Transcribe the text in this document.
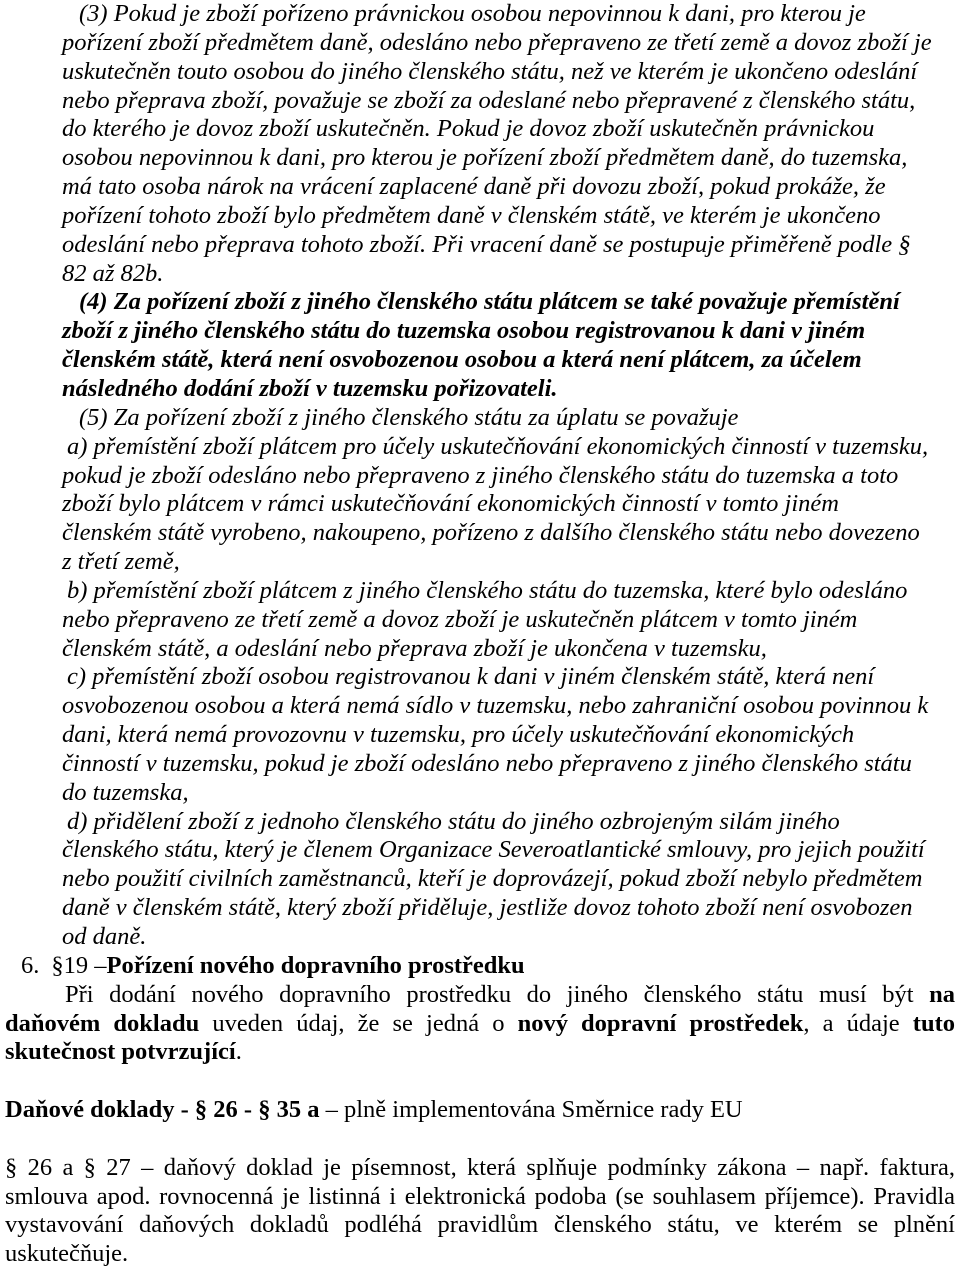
(3) Pokud je zboží pořízeno právnickou osobou nepovinnou k dani, pro kterou je
pořízení zboží předmětem daně, odesláno nebo přepraveno ze třetí země a dovoz zboží je
uskutečněn touto osobou do jiného členského státu, než ve kterém je ukončeno odeslání
nebo přeprava zboží, považuje se zboží za odeslané nebo přepravené z členského státu,
do kterého je dovoz zboží uskutečněn. Pokud je dovoz zboží uskutečněn právnickou
osobou nepovinnou k dani, pro kterou je pořízení zboží předmětem daně, do tuzemska,
má tato osoba nárok na vrácení zaplacené daně při dovozu zboží, pokud prokáže, že
pořízení tohoto zboží bylo předmětem daně v členském státě, ve kterém je ukončeno
odeslání nebo přeprava tohoto zboží. Při vracení daně se postupuje přiměřeně podle §
82 až 82b.
(4) Za pořízení zboží z jiného členského státu plátcem se také považuje přemístění
zboží z jiného členského státu do tuzemska osobou registrovanou k dani v jiném
členském státě, která není osvobozenou osobou a která není plátcem, za účelem
následného dodání zboží v tuzemsku pořizovateli.
(5) Za pořízení zboží z jiného členského státu za úplatu se považuje
a) přemístění zboží plátcem pro účely uskutečňování ekonomických činností v tuzemsku,
pokud je zboží odesláno nebo přepraveno z jiného členského státu do tuzemska a toto
zboží bylo plátcem v rámci uskutečňování ekonomických činností v tomto jiném
členském státě vyrobeno, nakoupeno, pořízeno z dalšího členského státu nebo dovezeno
z třetí země,
b) přemístění zboží plátcem z jiného členského státu do tuzemska, které bylo odesláno
nebo přepraveno ze třetí země a dovoz zboží je uskutečněn plátcem v tomto jiném
členském státě, a odeslání nebo přeprava zboží je ukončena v tuzemsku,
c) přemístění zboží osobou registrovanou k dani v jiném členském státě, která není
osvobozenou osobou a která nemá sídlo v tuzemsku, nebo zahraniční osobou povinnou k
dani, která nemá provozovnu v tuzemsku, pro účely uskutečňování ekonomických
činností v tuzemsku, pokud je zboží odesláno nebo přepraveno z jiného členského státu
do tuzemska,
d) přidělení zboží z jednoho členského státu do jiného ozbrojeným silám jiného
členského státu, který je členem Organizace Severoatlantické smlouvy, pro jejich použití
nebo použití civilních zaměstnanců, kteří je doprovázejí, pokud zboží nebylo předmětem
daně v členském státě, který zboží přiděluje, jestliže dovoz tohoto zboží není osvobozen
od daně.
6. §19 –Pořízení nového dopravního prostředku
Při dodání nového dopravního prostředku do jiného členského státu musí být na
daňovém dokladu uveden údaj, že se jedná o nový dopravní prostředek, a údaje tuto
skutečnost potvrzující.
Daňové doklady - § 26 - § 35 a – plně implementována Směrnice rady EU
§ 26 a § 27 – daňový doklad je písemnost, která splňuje podmínky zákona – např. faktura,
smlouva apod. rovnocenná je listinná i elektronická podoba (se souhlasem příjemce). Pravidla
vystavování daňových dokladů podléhá pravidlům členského státu, ve kterém se plnění
uskutečňuje.
